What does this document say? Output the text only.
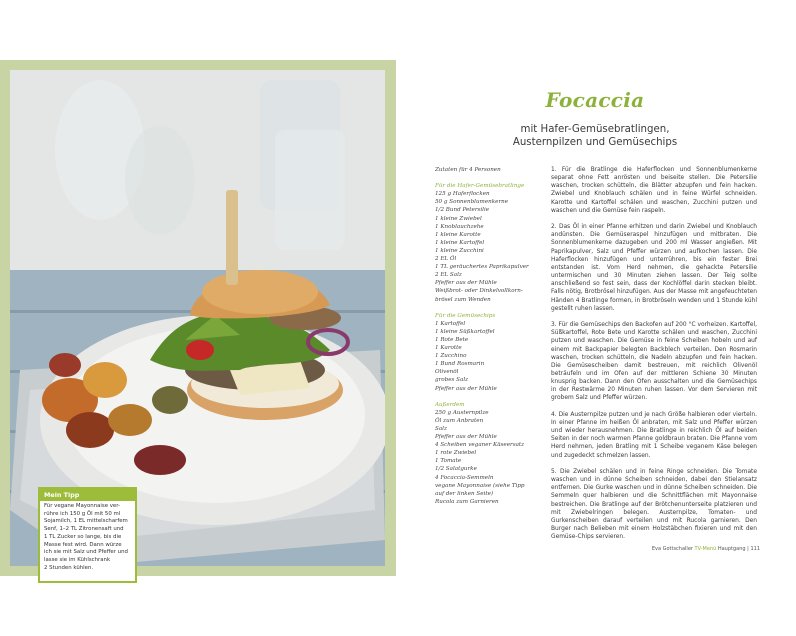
Mein Tipp
Für vegane Mayonnaise ver-
rühre ich 150 g Öl mit 50 ml
Sojamilch, 1 EL mittelscharfem
Senf, 1–2 TL Zitronensaft und
1 TL Zucker so lange, bis die
Masse fest wird. Dann würze
ich sie mit Salz und Pfeffer und
lasse sie im Kühlschrank
2 Stunden kühlen.
Focaccia
mit Hafer-Gemüsebratlingen,
Austernpilzen und Gemüsechips
Zutaten für 4 Personen
Für die Hafer-Gemüsebratlinge
125 g Haferflocken
50 g Sonnenblumenkerne
1/2 Bund Petersilie
1 kleine Zwiebel
1 Knoblauchzehe
1 kleine Karotte
1 kleine Kartoffel
1 kleine Zucchini
2 EL Öl
1 TL geräuchertes Paprikapulver
2 EL Salz
Pfeffer aus der Mühle
Weißbrot- oder Dinkelvollkorn-
brösel zum Wenden
Für die Gemüsechips
1 Kartoffel
1 kleine Süßkartoffel
1 Rote Bete
1 Karotte
1 Zucchino
1 Bund Rosmarin
Olivenöl
grobes Salz
Pfeffer aus der Mühle
Außerdem
250 g Austernpilze
Öl zum Anbraten
Salz
Pfeffer aus der Mühle
4 Scheiben veganer Käseersatz
1 rote Zwiebel
1 Tomate
1/2 Salatgurke
4 Focaccia-Semmeln
vegane Mayonnaise (siehe Tipp
auf der linken Seite)
Rucola zum Garnieren

1. Für die Bratlinge die Haferflocken und Sonnenblumenkerne separat ohne Fett anrösten und beiseite stellen. Die Petersilie waschen, trocken schütteln, die Blätter abzupfen und fein hacken. Zwiebel und Knoblauch schälen und in feine Würfel schneiden. Karotte und Kartoffel schälen und waschen, Zucchini putzen und waschen und die Gemüse fein raspeln.

2. Das Öl in einer Pfanne erhitzen und darin Zwiebel und Knoblauch andünsten. Die Gemüseraspel hinzufügen und mitbraten. Die Sonnenblumenkerne dazugeben und 200 ml Wasser angießen. Mit Paprikapulver, Salz und Pfeffer würzen und aufkochen lassen. Die Haferflocken hinzufügen und unterrühren, bis ein fester Brei entstanden ist. Vom Herd nehmen, die gehackte Petersilie untermischen und 30 Minuten ziehen lassen. Der Teig sollte anschließend so fest sein, dass der Kochlöffel darin stecken bleibt. Falls nötig, Brotbrösel hinzufügen. Aus der Masse mit angefeuchteten Händen 4 Bratlinge formen, in Brotbröseln wenden und 1 Stunde kühl gestellt ruhen lassen.

3. Für die Gemüsechips den Backofen auf 200 °C vorheizen. Kartoffel, Süßkartoffel, Rote Bete und Karotte schälen und waschen, Zucchini putzen und waschen. Die Gemüse in feine Scheiben hobeln und auf einem mit Backpapier belegten Backblech verteilen. Den Rosmarin waschen, trocken schütteln, die Nadeln abzupfen und fein hacken. Die Gemüsescheiben damit bestreuen, mit reichlich Olivenöl beträufeln und im Ofen auf der mittleren Schiene 30 Minuten knusprig backen. Dann den Ofen ausschalten und die Gemüsechips in der Restwärme 20 Minuten ruhen lassen. Vor dem Servieren mit grobem Salz und Pfeffer würzen.

4. Die Austernpilze putzen und je nach Größe halbieren oder vierteln. In einer Pfanne im heißen Öl anbraten, mit Salz und Pfeffer würzen und wieder herausnehmen. Die Bratlinge in reichlich Öl auf beiden Seiten in der noch warmen Pfanne goldbraun braten. Die Pfanne vom Herd nehmen, jeden Bratling mit 1 Scheibe veganem Käse belegen und zugedeckt schmelzen lassen.

5. Die Zwiebel schälen und in feine Ringe schneiden. Die Tomate waschen und in dünne Scheiben schneiden, dabei den Stielansatz entfernen. Die Gurke waschen und in dünne Scheiben schneiden. Die Semmeln quer halbieren und die Schnittflächen mit Mayonnaise bestreichen. Die Bratlinge auf der Brötchenunterseite platzieren und mit Zwiebelringen belegen. Austernpilze, Tomaten- und Gurkenscheiben darauf verteilen und mit Rucola garnieren. Den Burger nach Belieben mit einem Holzstäbchen fixieren und mit den Gemüse-Chips servieren.

Eva Gottschaller TV-Menü Hauptgang | 111
